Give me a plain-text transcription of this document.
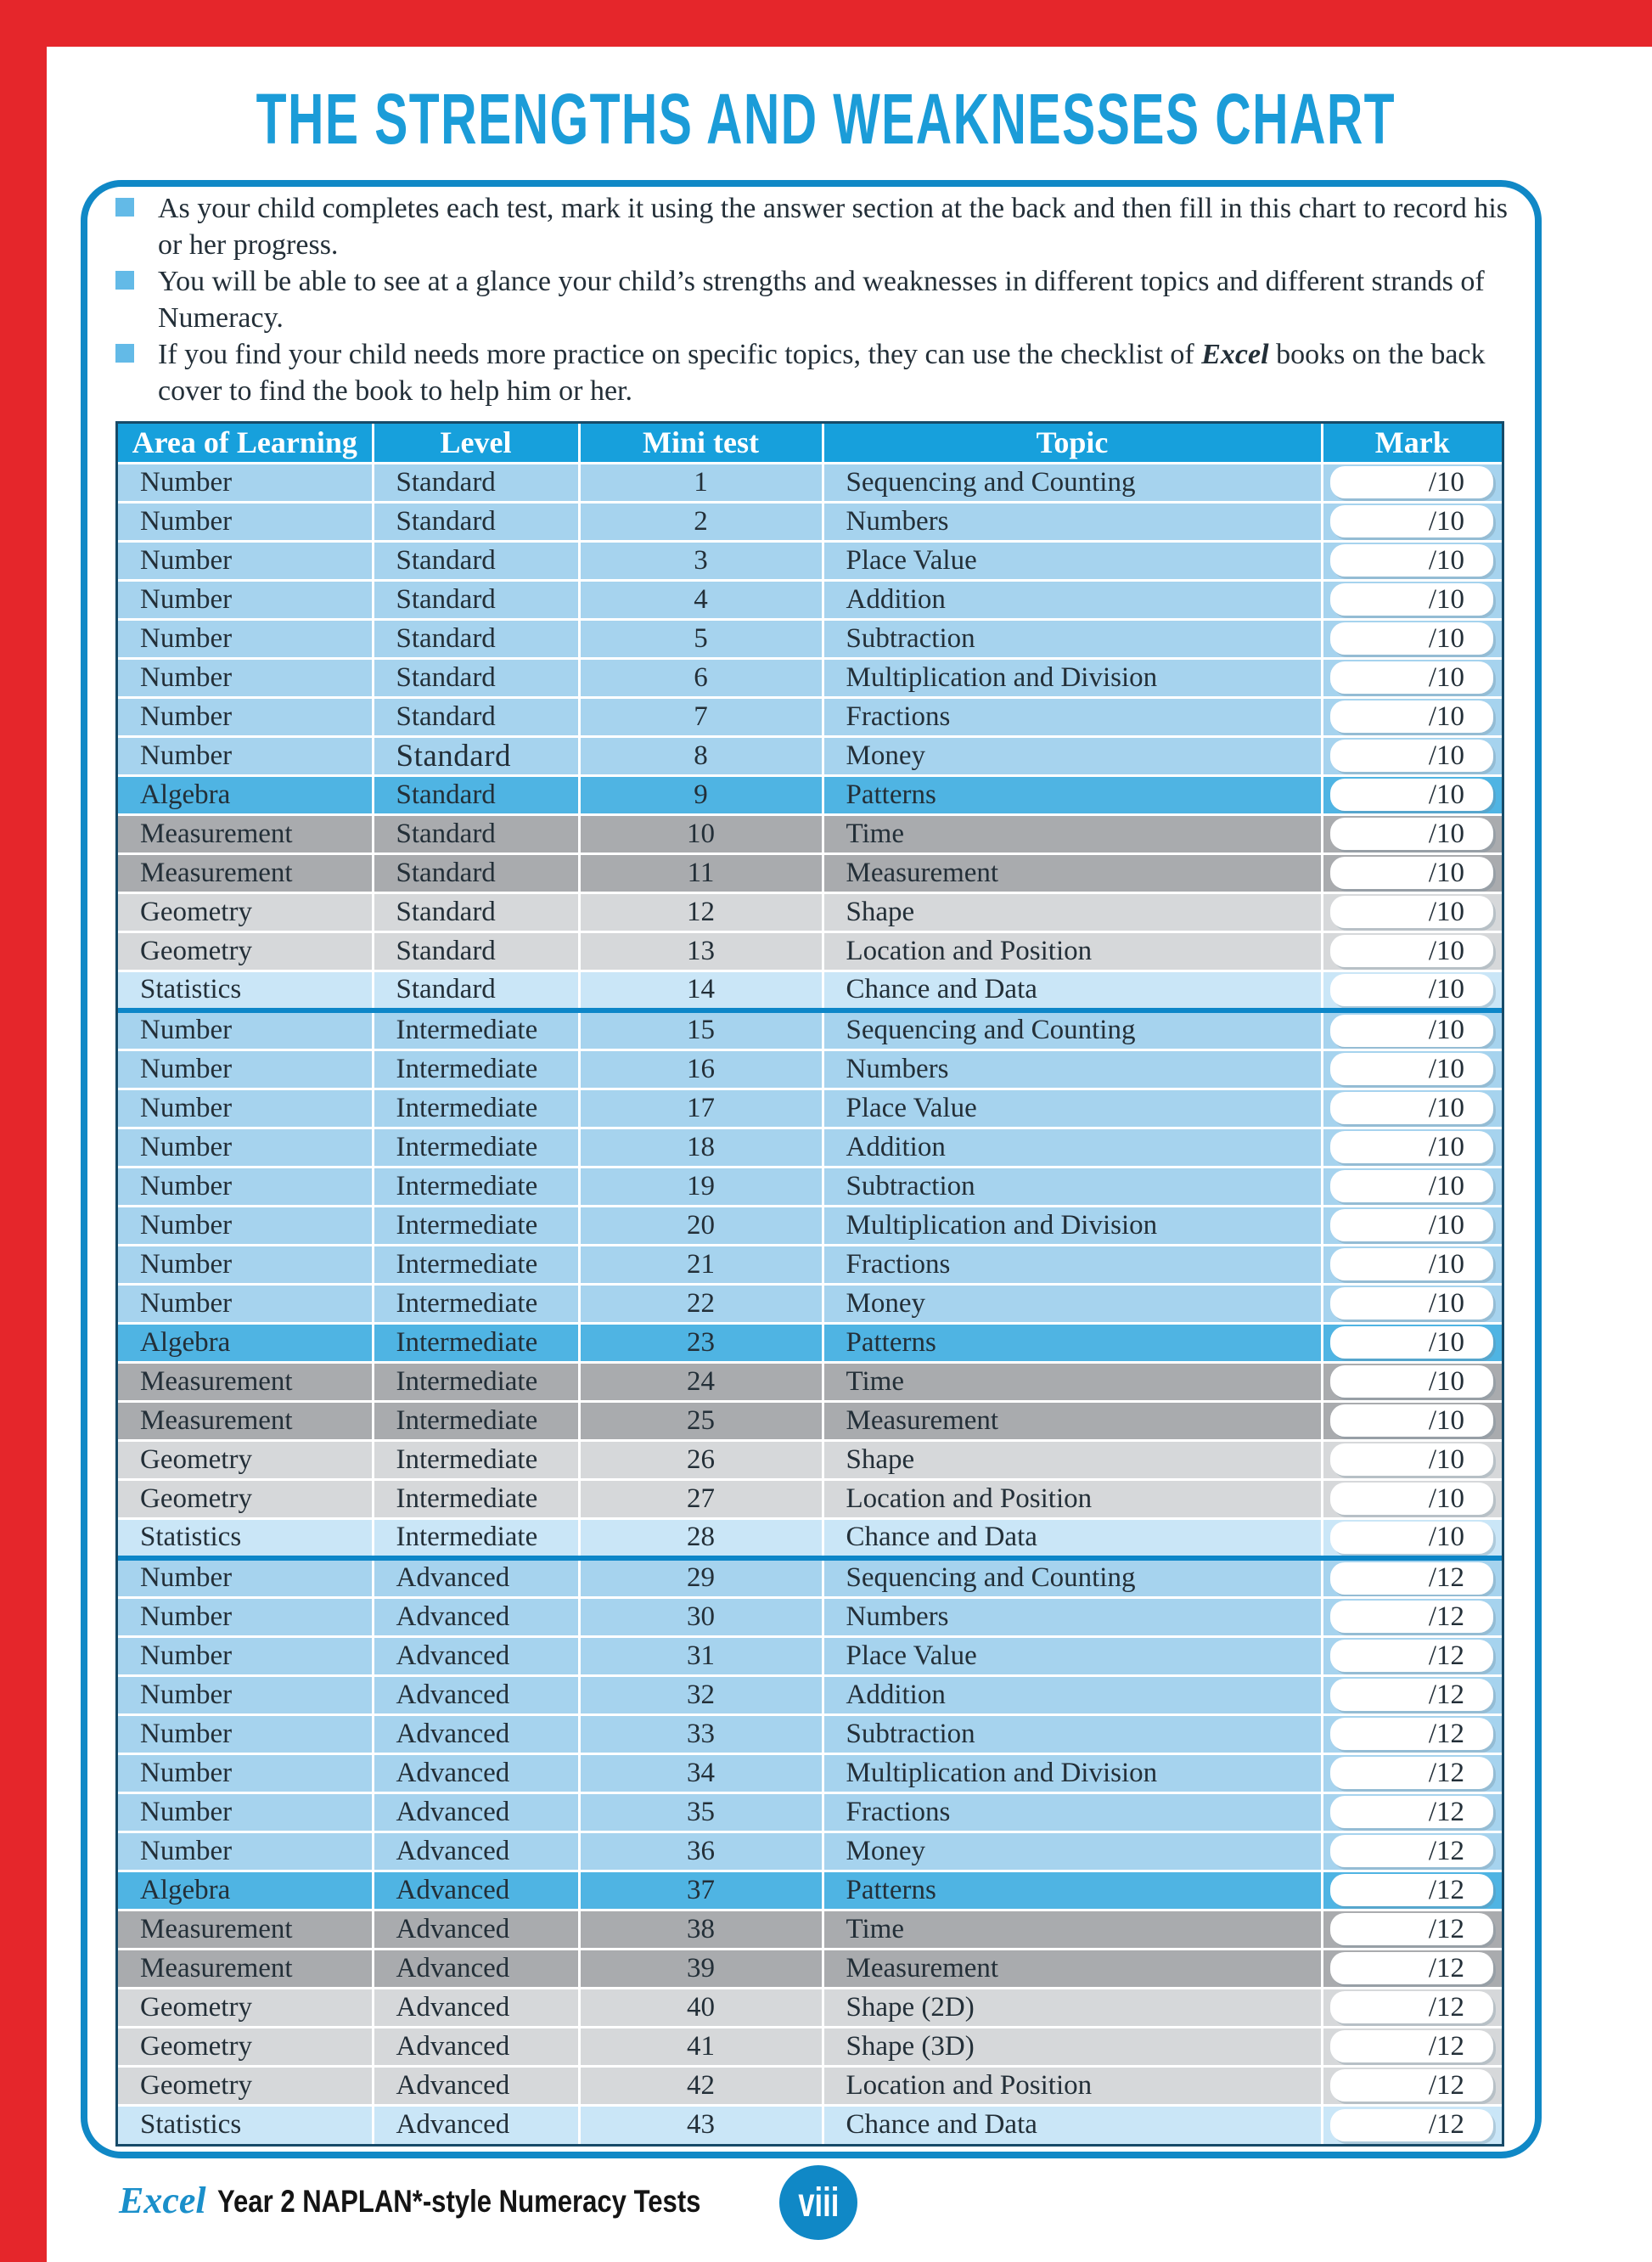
THE STRENGTHS AND WEAKNESSES CHART
As your child completes each test, mark it using the answer section at the back and then fill in this chart to record his or her progress.
You will be able to see at a glance your child’s strengths and weaknesses in different topics and different strands of Numeracy.
If you find your child needs more practice on specific topics, they can use the checklist of Excel books on the back cover to find the book to help him or her.
Area of Learning	Level	Mini test	Topic	Mark
Number	Standard	1	Sequencing and Counting	/10

Number	Standard	2	Numbers	/10

Number	Standard	3	Place Value	/10

Number	Standard	4	Addition	/10

Number	Standard	5	Subtraction	/10

Number	Standard	6	Multiplication and Division	/10

Number	Standard	7	Fractions	/10

Number	Standard	8	Money	/10

Algebra	Standard	9	Patterns	/10

Measurement	Standard	10	Time	/10

Measurement	Standard	11	Measurement	/10

Geometry	Standard	12	Shape	/10

Geometry	Standard	13	Location and Position	/10

Statistics	Standard	14	Chance and Data	/10

Number	Intermediate	15	Sequencing and Counting	/10

Number	Intermediate	16	Numbers	/10

Number	Intermediate	17	Place Value	/10

Number	Intermediate	18	Addition	/10

Number	Intermediate	19	Subtraction	/10

Number	Intermediate	20	Multiplication and Division	/10

Number	Intermediate	21	Fractions	/10

Number	Intermediate	22	Money	/10

Algebra	Intermediate	23	Patterns	/10

Measurement	Intermediate	24	Time	/10

Measurement	Intermediate	25	Measurement	/10

Geometry	Intermediate	26	Shape	/10

Geometry	Intermediate	27	Location and Position	/10

Statistics	Intermediate	28	Chance and Data	/10

Number	Advanced	29	Sequencing and Counting	/12

Number	Advanced	30	Numbers	/12

Number	Advanced	31	Place Value	/12

Number	Advanced	32	Addition	/12

Number	Advanced	33	Subtraction	/12

Number	Advanced	34	Multiplication and Division	/12

Number	Advanced	35	Fractions	/12

Number	Advanced	36	Money	/12

Algebra	Advanced	37	Patterns	/12

Measurement	Advanced	38	Time	/12

Measurement	Advanced	39	Measurement	/12

Geometry	Advanced	40	Shape (2D)	/12

Geometry	Advanced	41	Shape (3D)	/12

Geometry	Advanced	42	Location and Position	/12

Statistics	Advanced	43	Chance and Data	/12
Excel Year 2 NAPLAN*-style Numeracy Tests viii
